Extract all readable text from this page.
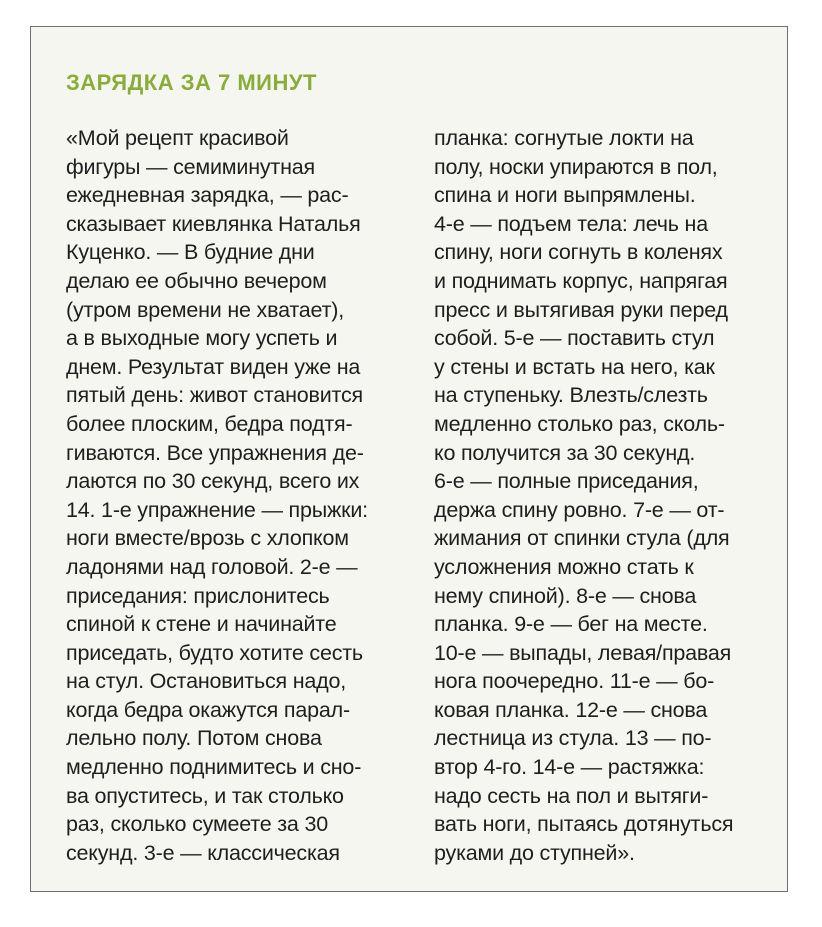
ЗАРЯДКА ЗА 7 МИНУТ
«Мой рецепт красивой
фигуры — семиминутная
ежедневная зарядка, — рас-
сказывает киевлянка Наталья
Куценко. — В будние дни
делаю ее обычно вечером
(утром времени не хватает),
а в выходные могу успеть и
днем. Результат виден уже на
пятый день: живот становится
более плоским, бедра подтя-
гиваются. Все упражнения де-
лаются по 30 секунд, всего их
14. 1-е упражнение — прыжки:
ноги вместе/врозь с хлопком
ладонями над головой. 2-е —
приседания: прислонитесь
спиной к стене и начинайте
приседать, будто хотите сесть
на стул. Остановиться надо,
когда бедра окажутся парал-
лельно полу. Потом снова
медленно поднимитесь и сно-
ва опуститесь, и так столько
раз, сколько сумеете за 30
секунд. 3-е — классическая
планка: согнутые локти на
полу, носки упираются в пол,
спина и ноги выпрямлены.
4-е — подъем тела: лечь на
спину, ноги согнуть в коленях
и поднимать корпус, напрягая
пресс и вытягивая руки перед
собой. 5-е — поставить стул
у стены и встать на него, как
на ступеньку. Влезть/слезть
медленно столько раз, сколь-
ко получится за 30 секунд.
6-е — полные приседания,
держа спину ровно. 7-е — от-
жимания от спинки стула (для
усложнения можно стать к
нему спиной). 8-е — снова
планка. 9-е — бег на месте.
10-е — выпады, левая/правая
нога поочередно. 11-е — бо-
ковая планка. 12-е — снова
лестница из стула. 13 — по-
втор 4-го. 14-е — растяжка:
надо сесть на пол и вытяги-
вать ноги, пытаясь дотянуться
руками до ступней».
